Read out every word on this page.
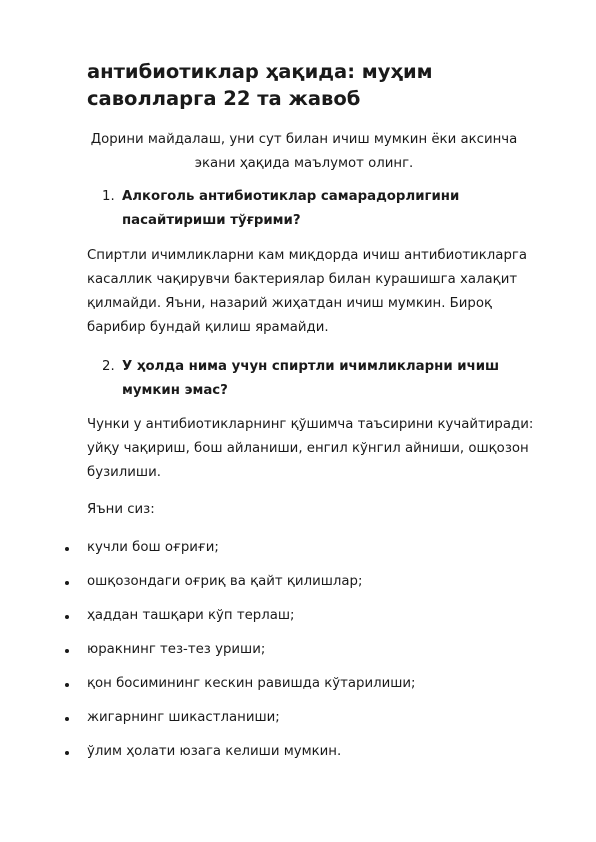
антибиотиклар ҳақида: муҳим саволларга 22 та жавоб

Дорини майдалаш, уни сут билан ичиш мумкин ёки аксинча экани ҳақида маълумот олинг.

1. Алкоголь антибиотиклар самарадорлигини пасайтириши тўғрими?

Спиртли ичимликларни кам миқдорда ичиш антибиотикларга касаллик чақирувчи бактериялар билан курашишга халақит қилмайди. Яъни, назарий жиҳатдан ичиш мумкин. Бироқ барибир бундай қилиш ярамайди.

2. У ҳолда нима учун спиртли ичимликларни ичиш мумкин эмас?

Чунки у антибиотикларнинг қўшимча таъсирини кучайтиради: уйқу чақириш, бош айланиши, енгил кўнгил айниши, ошқозон бузилиши.

Яъни сиз:

кучли бош оғриғи;
ошқозондаги оғриқ ва қайт қилишлар;
ҳаддан ташқари кўп терлаш;
юракнинг тез-тез уриши;
қон босимининг кескин равишда кўтарилиши;
жигарнинг шикастланиши;
ўлим ҳолати юзага келиши мумкин.
